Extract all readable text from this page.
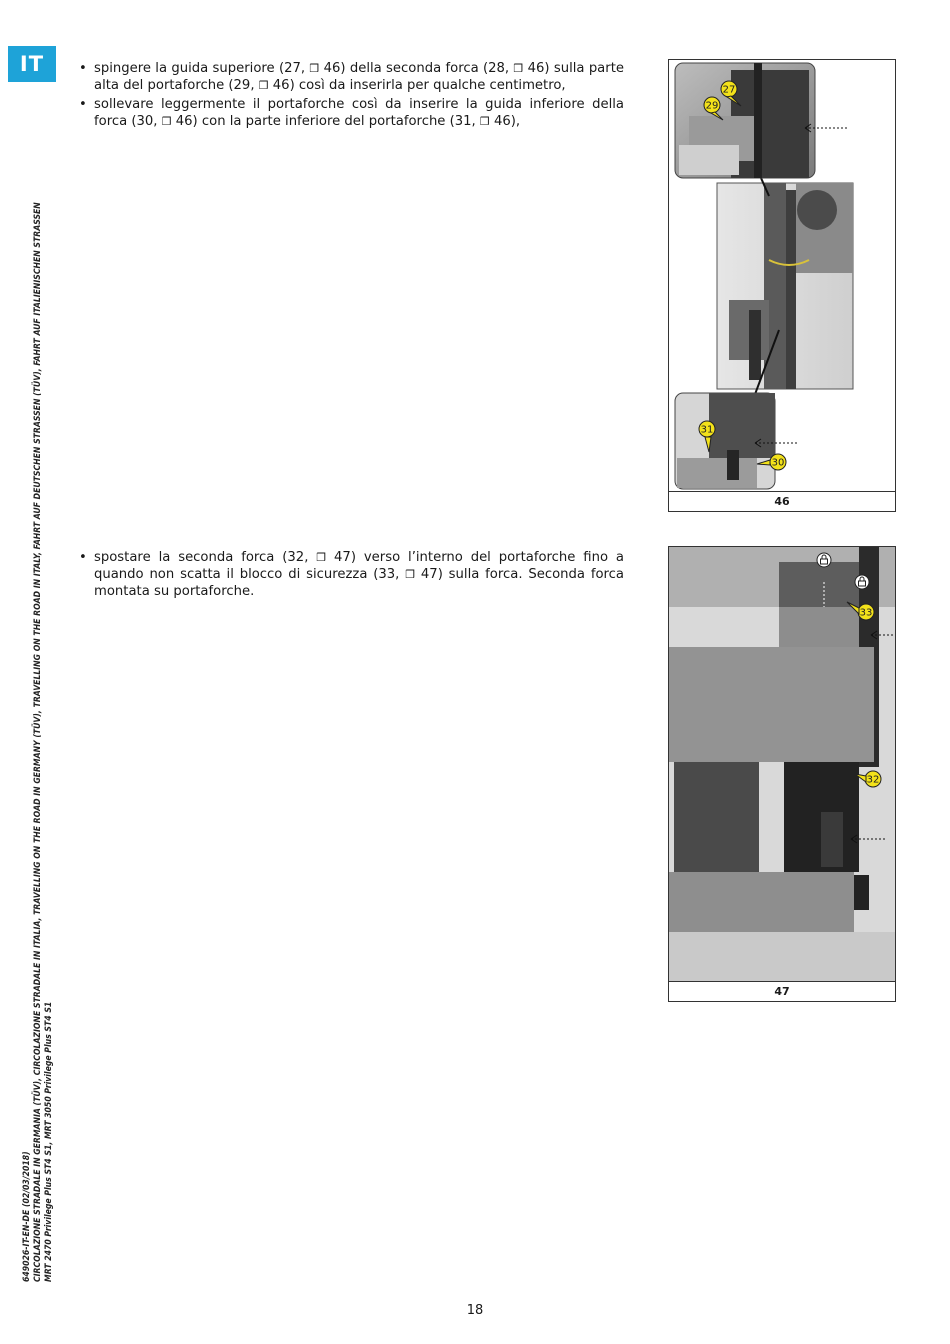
IT
•	spingere la guida superiore (27, ❒ 46) della seconda forca (28, ❒ 46) sulla parte alta del portaforche (29, ❒ 46) così da inserirla per qualche centimetro,
• sollevare leggermente il portaforche così da inserire la guida inferiore della forca (30, ❒ 46) con la parte inferiore del portaforche (31, ❒ 46),
• spostare la seconda forca (32, ❒ 47) verso l’interno del portaforche fino a quando non scatta il blocco di sicurezza (33, ❒ 47) sulla forca. Seconda forca montata su portaforche.
27
29
31
30
46
33
32
47
649026-IT-EN-DE (02/03/2018) CIRCOLAZIONE STRADALE IN GERMANIA (TÜV), CIRCOLAZIONE STRADALE IN ITALIA, TRAVELLING ON THE ROAD IN GERMANY (TÜV), TRAVELLING ON THE ROAD IN ITALY, FAHRT AUF DEUTSCHEN STRASSEN (TÜV), FAHRT AUF ITALIENISCHEN STRASSEN MRT 2470 Privilege Plus ST4 S1, MRT 3050 Privilege Plus ST4 S1
18
